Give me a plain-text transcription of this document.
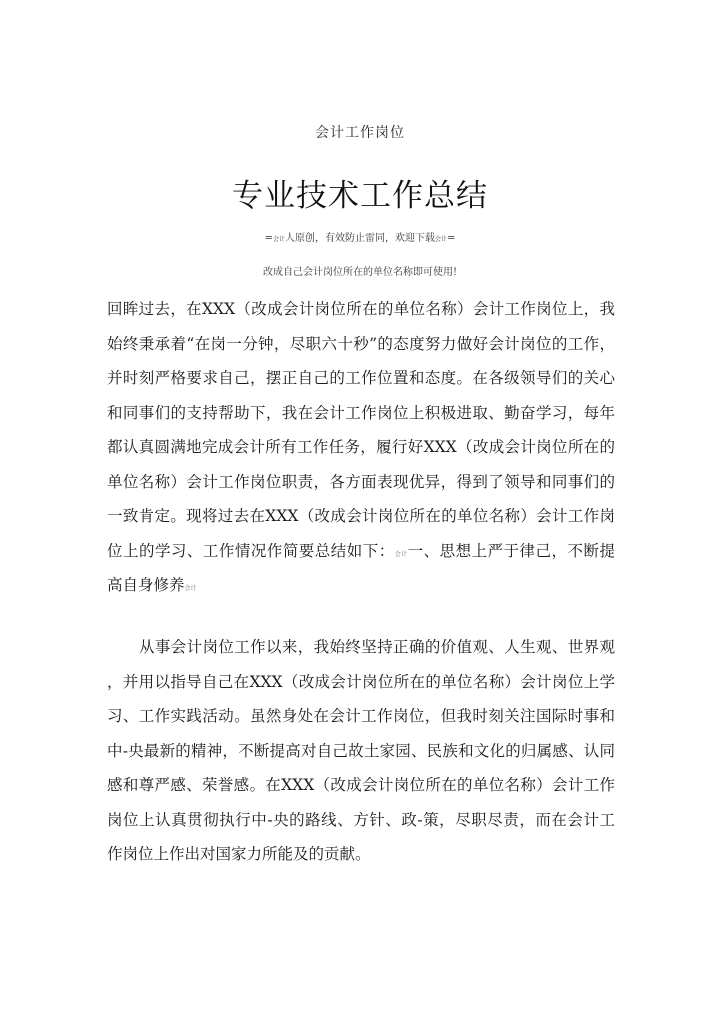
会计工作岗位
专业技术工作总结
=会计人原创，有效防止雷同，欢迎下载会计=
改成自己会计岗位所在的单位名称即可使用!
回眸过去，在XXX（改成会计岗位所在的单位名称）会计工作岗位上，我
始终秉承着“在岗一分钟，尽职六十秒”的态度努力做好会计岗位的工作，
并时刻严格要求自己，摆正自己的工作位置和态度。在各级领导们的关心
和同事们的支持帮助下，我在会计工作岗位上积极进取、勤奋学习，每年
都认真圆满地完成会计所有工作任务，履行好XXX（改成会计岗位所在的
单位名称）会计工作岗位职责，各方面表现优异，得到了领导和同事们的
一致肯定。现将过去在XXX（改成会计岗位所在的单位名称）会计工作岗
位上的学习、工作情况作简要总结如下：会计一、思想上严于律己，不断提
高自身修养会计
从事会计岗位工作以来，我始终坚持正确的价值观、人生观、世界观
，并用以指导自己在XXX（改成会计岗位所在的单位名称）会计岗位上学
习、工作实践活动。虽然身处在会计工作岗位，但我时刻关注国际时事和
中-央最新的精神，不断提高对自己故土家园、民族和文化的归属感、认同
感和尊严感、荣誉感。在XXX（改成会计岗位所在的单位名称）会计工作
岗位上认真贯彻执行中-央的路线、方针、政-策，尽职尽责，而在会计工
作岗位上作出对国家力所能及的贡献。
